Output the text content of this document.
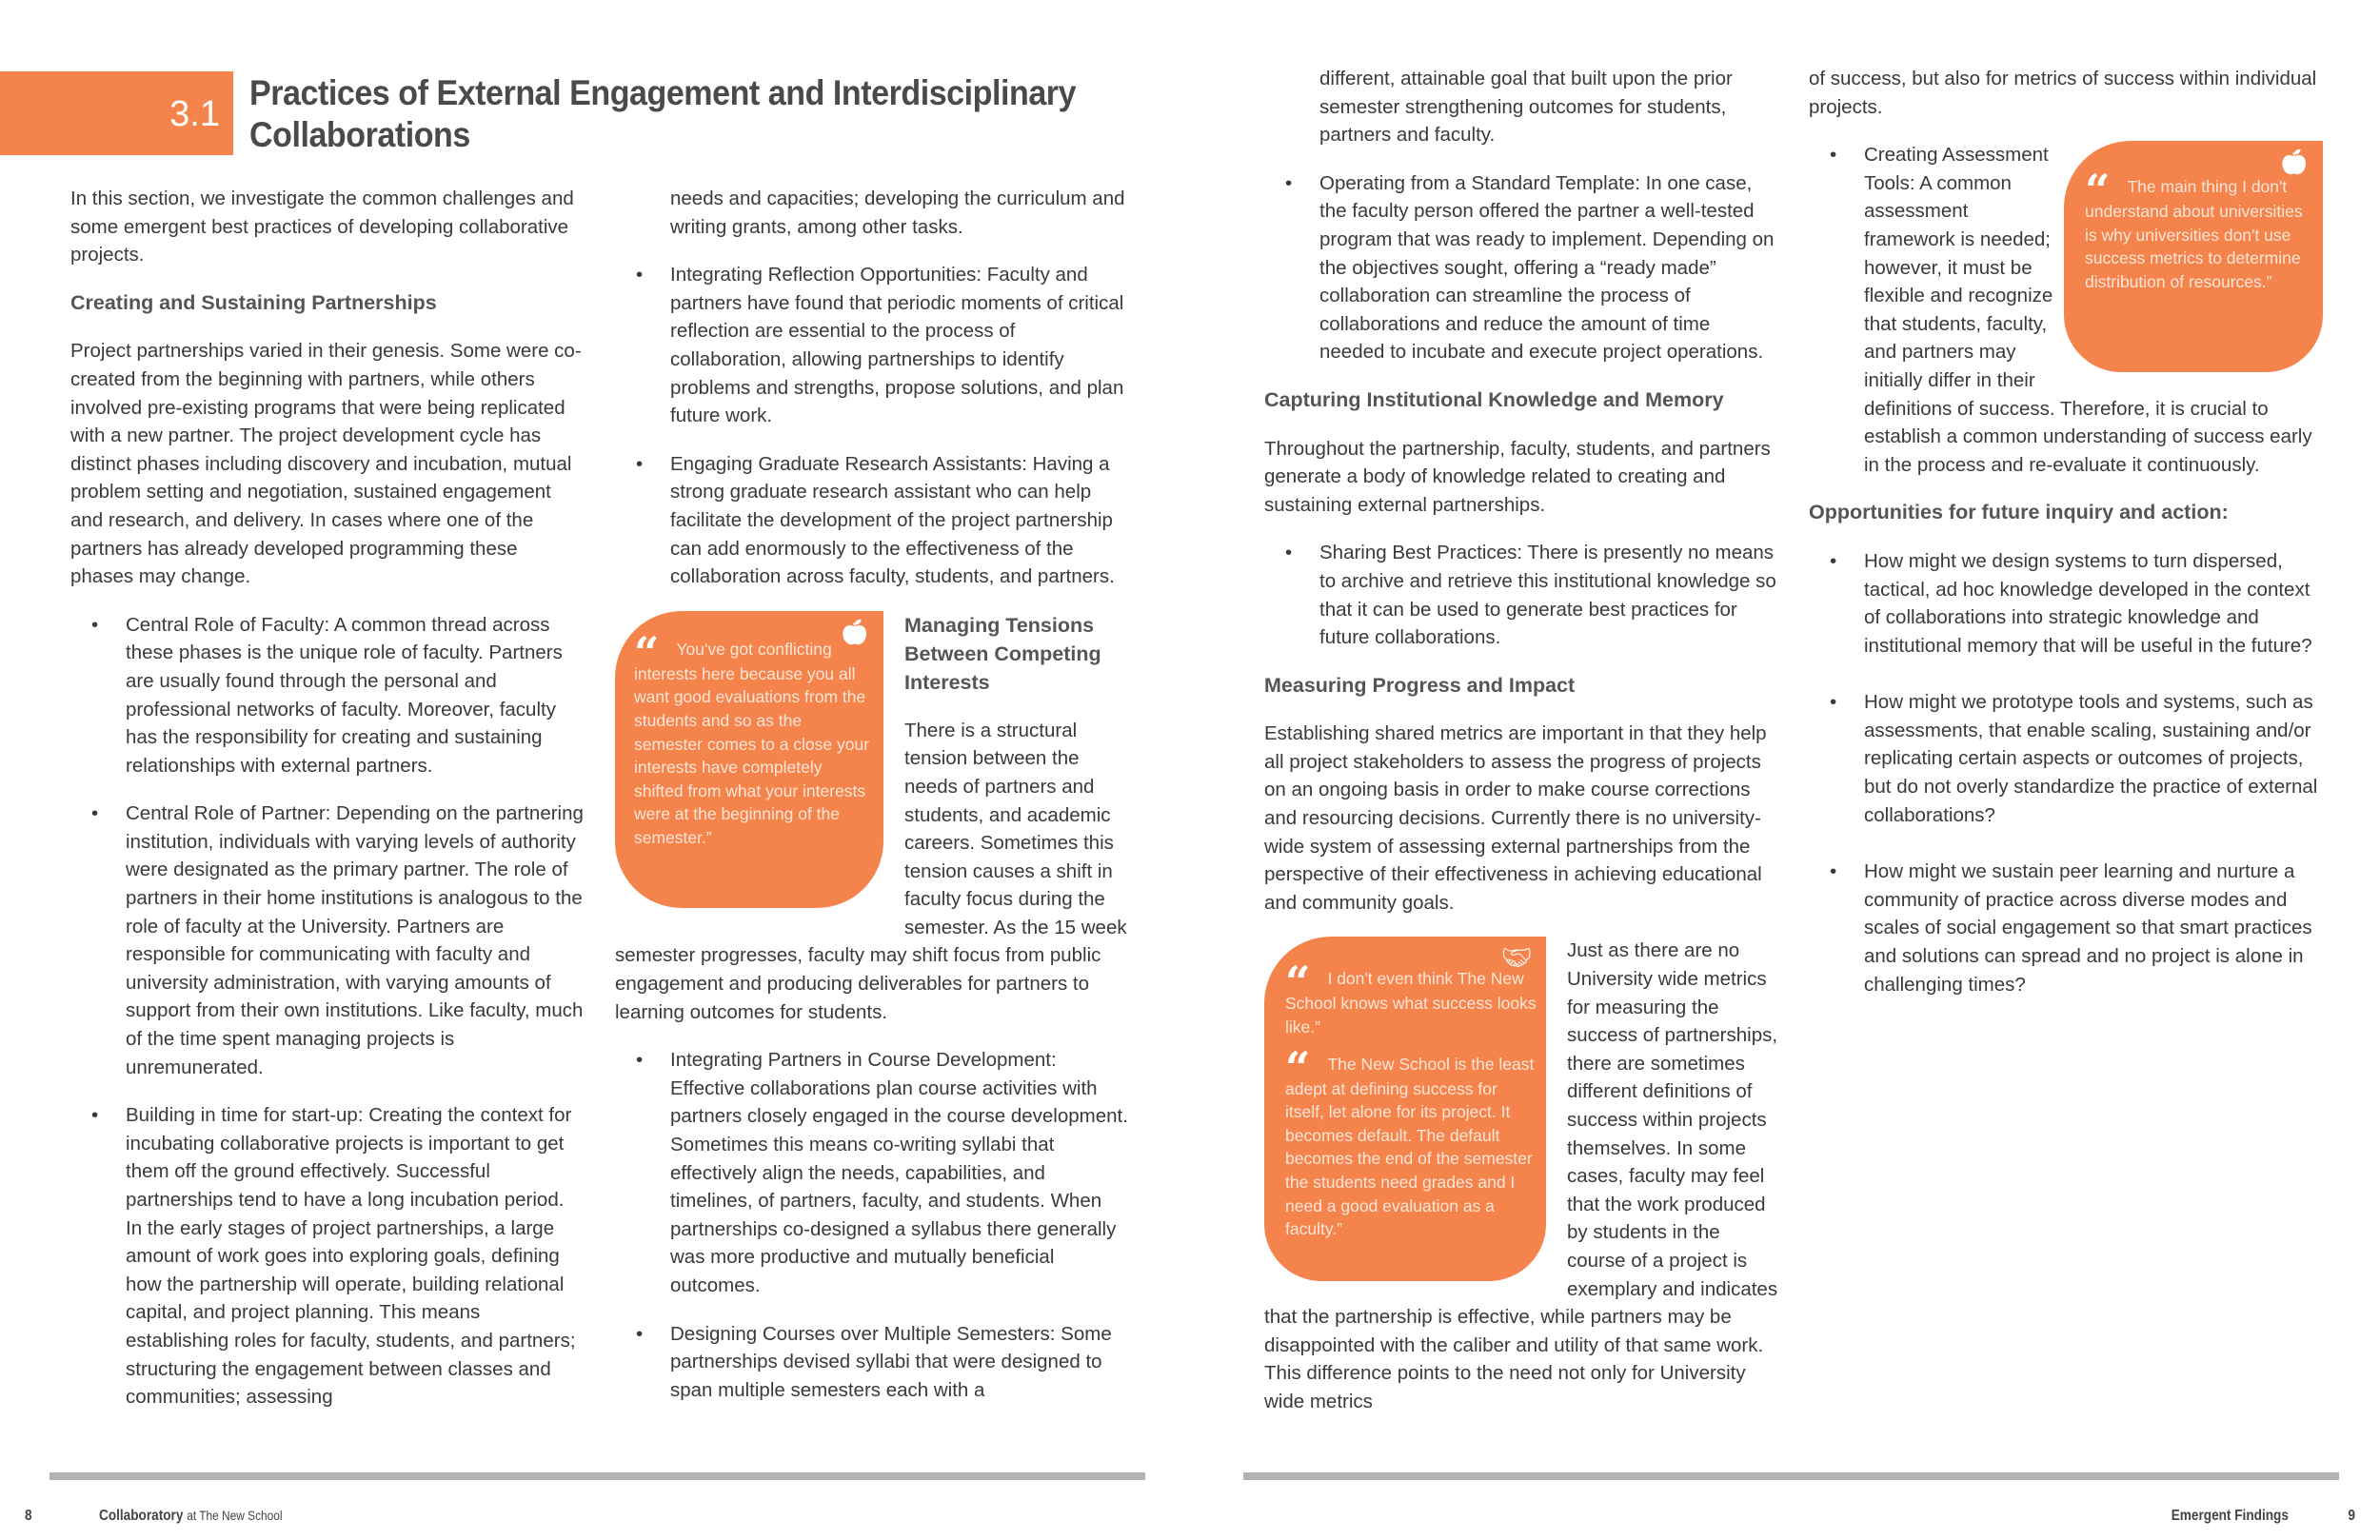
3.1
Practices of External Engagement and Interdisciplinary Collaborations

In this section, we investigate the common challenges and some emergent best practices of developing collaborative projects.

Creating and Sustaining Partnerships

Project partnerships varied in their genesis. Some were co-created from the beginning with partners, while others involved pre-existing programs that were being replicated with a new partner. The project development cycle has distinct phases including discovery and incubation, mutual problem setting and negotiation, sustained engagement and research, and delivery. In cases where one of the partners has already developed programming these phases may change.

• Central Role of Faculty: A common thread across these phases is the unique role of faculty. Partners are usually found through the personal and professional networks of faculty. Moreover, faculty has the responsibility for creating and sustaining relationships with external partners.
• Central Role of Partner: Depending on the partnering institution, individuals with varying levels of authority were designated as the primary partner. The role of partners in their home institutions is analogous to the role of faculty at the University. Partners are responsible for communicating with faculty and university administration, with varying amounts of support from their own institutions. Like faculty, much of the time spent managing projects is unremunerated.
• Building in time for start-up: Creating the context for incubating collaborative projects is important to get them off the ground effectively. Successful partnerships tend to have a long incubation period. In the early stages of project partnerships, a large amount of work goes into exploring goals, defining how the partnership will operate, building relational capital, and project planning. This means establishing roles for faculty, students, and partners; structuring the engagement between classes and communities; assessing
needs and capacities; developing the curriculum and writing grants, among other tasks.
• Integrating Reflection Opportunities: Faculty and partners have found that periodic moments of critical reflection are essential to the process of collaboration, allowing partnerships to identify problems and strengths, propose solutions, and plan future work.
• Engaging Graduate Research Assistants: Having a strong graduate research assistant who can help facilitate the development of the project partnership can add enormously to the effectiveness of the collaboration across faculty, students, and partners.
🍎︎
“ You've got conflicting interests here because you all want good evaluations from the students and so as the semester comes to a close your interests have completely shifted from what your interests were at the beginning of the semester.”
Managing Tensions Between Competing Interests

There is a structural tension between the needs of partners and students, and academic careers. Sometimes this tension causes a shift in faculty focus during the semester. As the 15 week semester progresses, faculty may shift focus from public engagement and producing deliverables for partners to learning outcomes for students.

• Integrating Partners in Course Development: Effective collaborations plan course activities with partners closely engaged in the course development. Sometimes this means co-writing syllabi that effectively align the needs, capabilities, and timelines, of partners, faculty, and students. When partnerships co-designed a syllabus there generally was more productive and mutually beneficial outcomes.
• Designing Courses over Multiple Semesters: Some partnerships devised syllabi that were designed to span multiple semesters each with a
different, attainable goal that built upon the prior semester strengthening outcomes for students, partners and faculty.
• Operating from a Standard Template: In one case, the faculty person offered the partner a well-tested program that was ready to implement. Depending on the objectives sought, offering a “ready made” collaboration can streamline the process of collaborations and reduce the amount of time needed to incubate and execute project operations.
Capturing Institutional Knowledge and Memory

Throughout the partnership, faculty, students, and partners generate a body of knowledge related to creating and sustaining external partnerships.

• Sharing Best Practices: There is presently no means to archive and retrieve this institutional knowledge so that it can be used to generate best practices for future collaborations.
Measuring Progress and Impact

Establishing shared metrics are important in that they help all project stakeholders to assess the progress of projects on an ongoing basis in order to make course corrections and resourcing decisions. Currently there is no university-wide system of assessing external partnerships from the perspective of their effectiveness in achieving educational and community goals.

🤝︎
“ I don't even think The New School knows what success looks like.”
“ The New School is the least adept at defining success for itself, let alone for its project. It becomes default. The default becomes the end of the semester the students need grades and I need a good evaluation as a faculty.”

Just as there are no University wide metrics for measuring the success of partnerships, there are sometimes different definitions of success within projects themselves. In some cases, faculty may feel that the work produced by students in the course of a project is exemplary and indicates that the partnership is effective, while partners may be disappointed with the caliber and utility of that same work. This difference points to the need not only for University wide metrics

of success, but also for metrics of success within individual projects.

• 🍎︎
“ The main thing I don't understand about universities is why universities don't use success metrics to determine distribution of resources.”
Creating Assessment Tools: A common assessment framework is needed; however, it must be flexible and recognize that students, faculty, and partners may initially differ in their definitions of success. Therefore, it is crucial to establish a common understanding of success early in the process and re-evaluate it continuously.
Opportunities for future inquiry and action:
• How might we design systems to turn dispersed, tactical, ad hoc knowledge developed in the context of collaborations into strategic knowledge and institutional memory that will be useful in the future?
• How might we prototype tools and systems, such as assessments, that enable scaling, sustaining and/or replicating certain aspects or outcomes of projects, but do not overly standardize the practice of external collaborations?
• How might we sustain peer learning and nurture a community of practice across diverse modes and scales of social engagement so that smart practices and solutions can spread and no project is alone in challenging times?
8	Collaboratory at The New School	Emergent Findings	9
